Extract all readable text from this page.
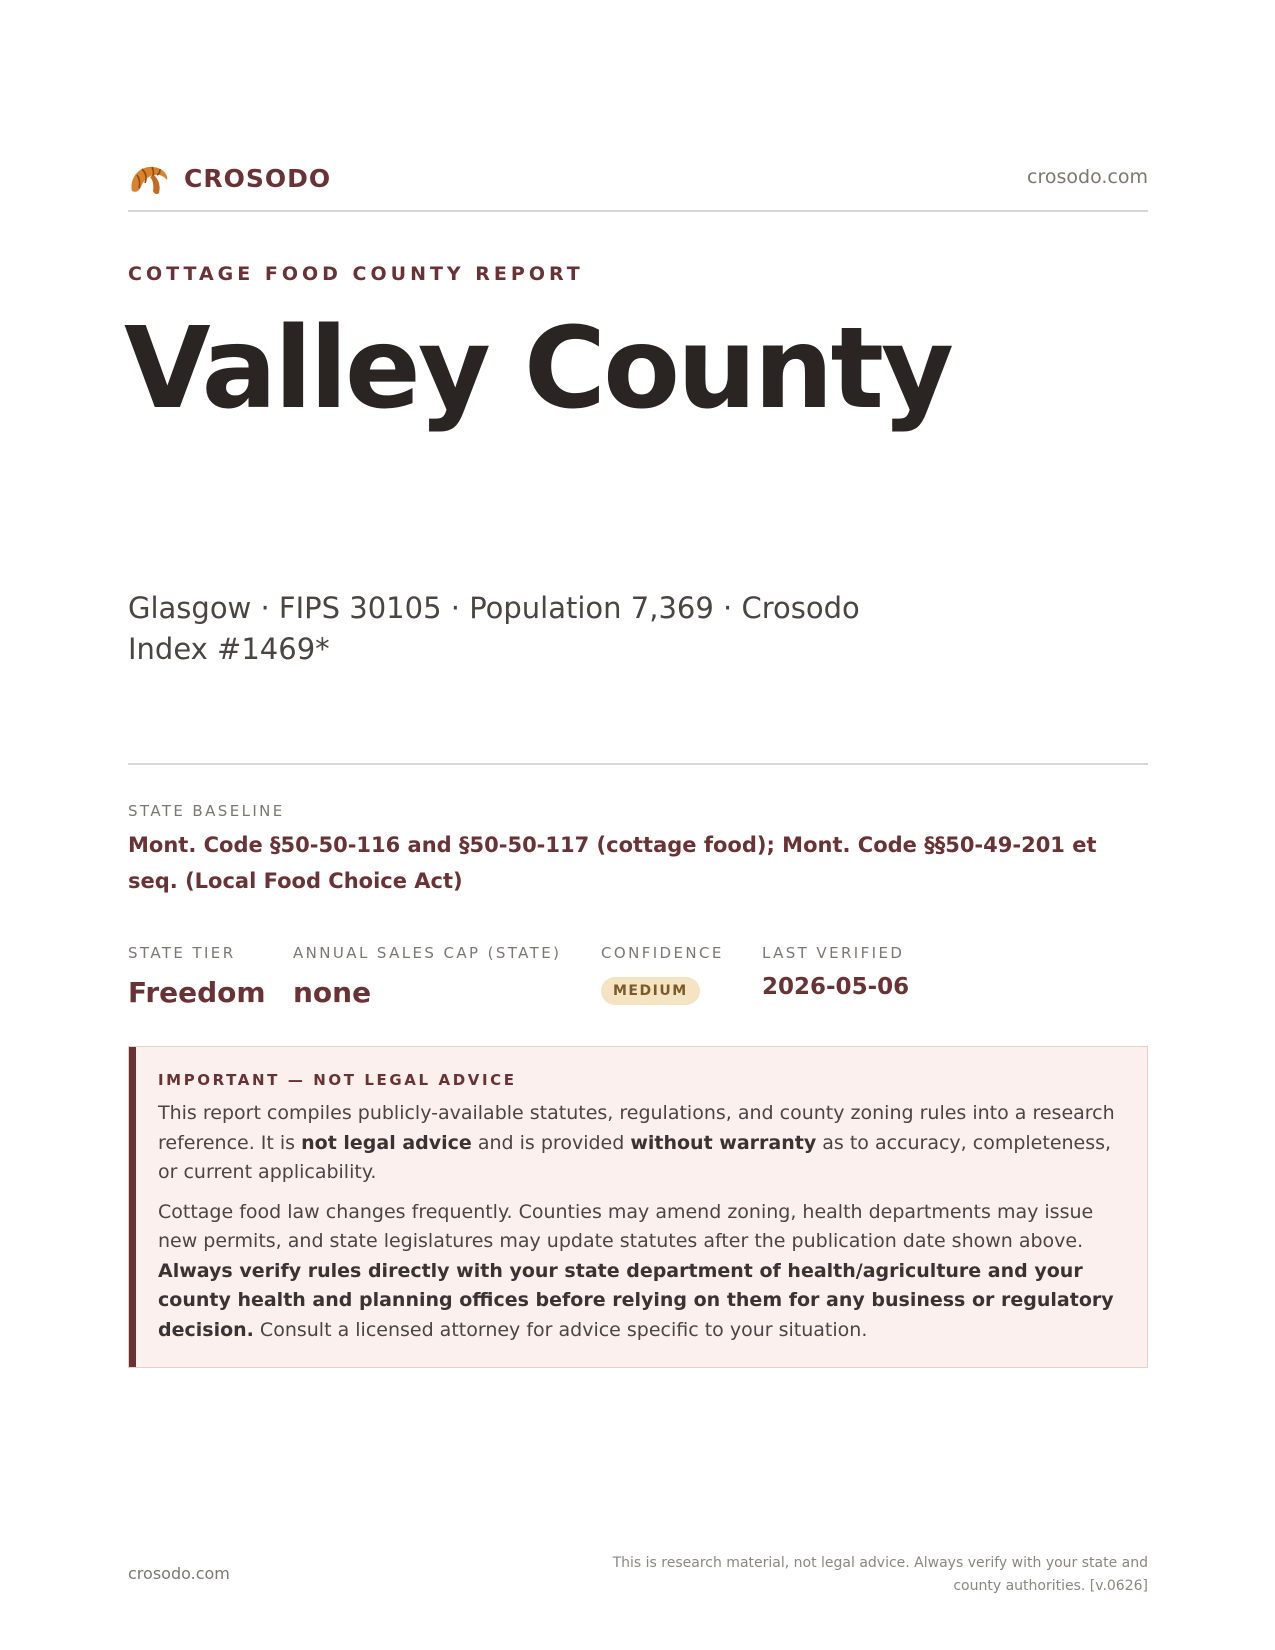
CROSODO	crosodo.com
COTTAGE FOOD COUNTY REPORT
Valley County
Glasgow · FIPS 30105 · Population 7,369 · Crosodo Index #1469*
STATE BASELINE
Mont. Code §50-50-116 and §50-50-117 (cottage food); Mont. Code §§50-49-201 et seq. (Local Food Choice Act)
STATE TIER
Freedom
ANNUAL SALES CAP (STATE)
none
CONFIDENCE
MEDIUM
LAST VERIFIED
2026-05-06
IMPORTANT — NOT LEGAL ADVICE

This report compiles publicly-available statutes, regulations, and county zoning rules into a research reference. It is not legal advice and is provided without warranty as to accuracy, completeness, or current applicability.

Cottage food law changes frequently. Counties may amend zoning, health departments may issue new permits, and state legislatures may update statutes after the publication date shown above. Always verify rules directly with your state department of health/agriculture and your county health and planning offices before relying on them for any business or regulatory decision. Consult a licensed attorney for advice specific to your situation.

crosodo.com
This is research material, not legal advice. Always verify with your state and county authorities. [v.0626]
